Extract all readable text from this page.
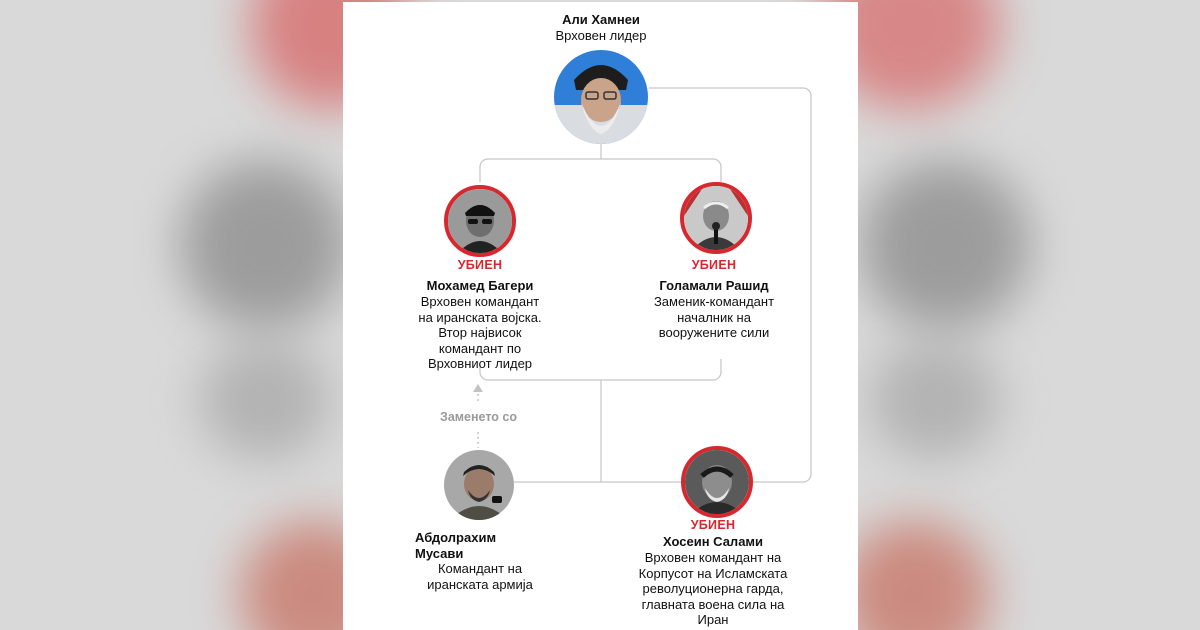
Али Хамнеи
Врховен лидер
УБИЕН
Мохамед Багери
Врховен командант
на иранската војска.
Втор највисок
командант по
Врховниот лидер
УБИЕН
Голамали Рашид
Заменик-командант
началник на
вооружените сили
Заменето со
Абдолрахим
Мусави
Командант на
иранската армија
УБИЕН
Хосеин Салами
Врховен командант на
Корпусот на Исламската
револуционерна гарда,
главната воена сила на
Иран
